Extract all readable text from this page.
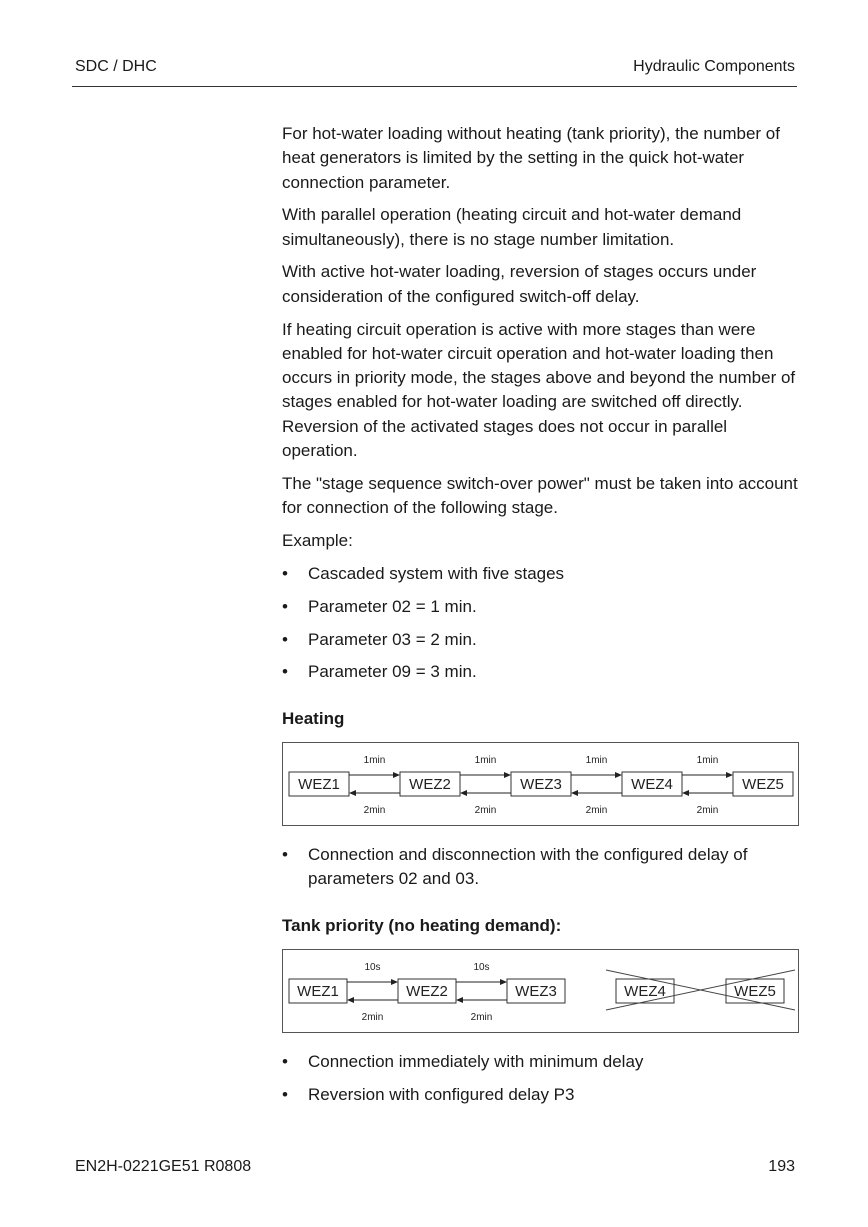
SDC / DHC	Hydraulic Components

For hot-water loading without heating (tank priority), the number of heat generators is limited by the setting in the quick hot-water connection parameter.

With parallel operation (heating circuit and hot-water demand simultaneously), there is no stage number limitation.

With active hot-water loading, reversion of stages occurs under consideration of the configured switch-off delay.

If heating circuit operation is active with more stages than were enabled for hot-water circuit operation and hot-water loading then occurs in priority mode, the stages above and beyond the number of stages enabled for hot-water loading are switched off directly. Reversion of the activated stages does not occur in parallel operation.

The "stage sequence switch-over power" must be taken into account for connection of the following stage.

Example:

• Cascaded system with five stages
• Parameter 02 = 1 min.
• Parameter 03 = 2 min.
• Parameter 09 = 3 min.
Heating
WEZ1	WEZ2	WEZ3	WEZ4	WEZ5
1min
2min
1min
2min
1min
2min
1min
2min
• Connection and disconnection with the configured delay of parameters 02 and 03.
Tank priority (no heating demand):
WEZ1	WEZ2	WEZ3	WEZ4	WEZ5
10s
2min
10s
2min
• Connection immediately with minimum delay
• Reversion with configured delay P3
EN2H-0221GE51 R0808	193
